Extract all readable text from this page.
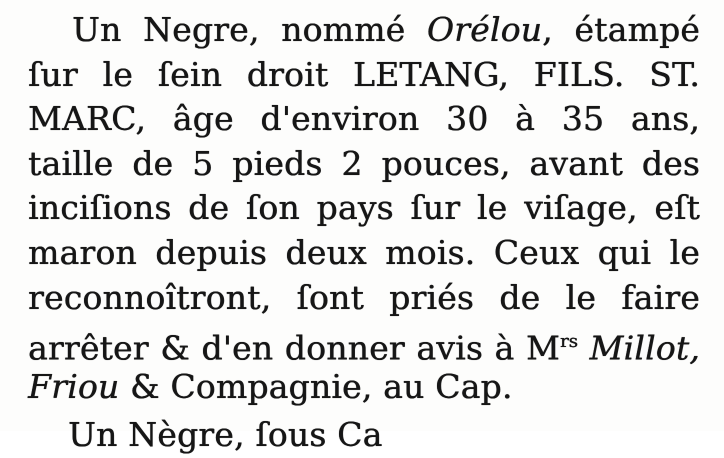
Un Negre, nommé Orélou, étampé
ſur le ſein droit LETANG, FILS. ST.
MARC, âge d'environ 30 à 35 ans,
taille de 5 pieds 2 pouces, avant des
inciſions de ſon pays ſur le viſage, eſt
maron depuis deux mois. Ceux qui le
reconnoîtront, ſont priés de le faire
arrêter & d'en donner avis à $M^{rs}$ Millot,
Friou & Compagnie, au Cap.
Un Nègre, ſous Ca
